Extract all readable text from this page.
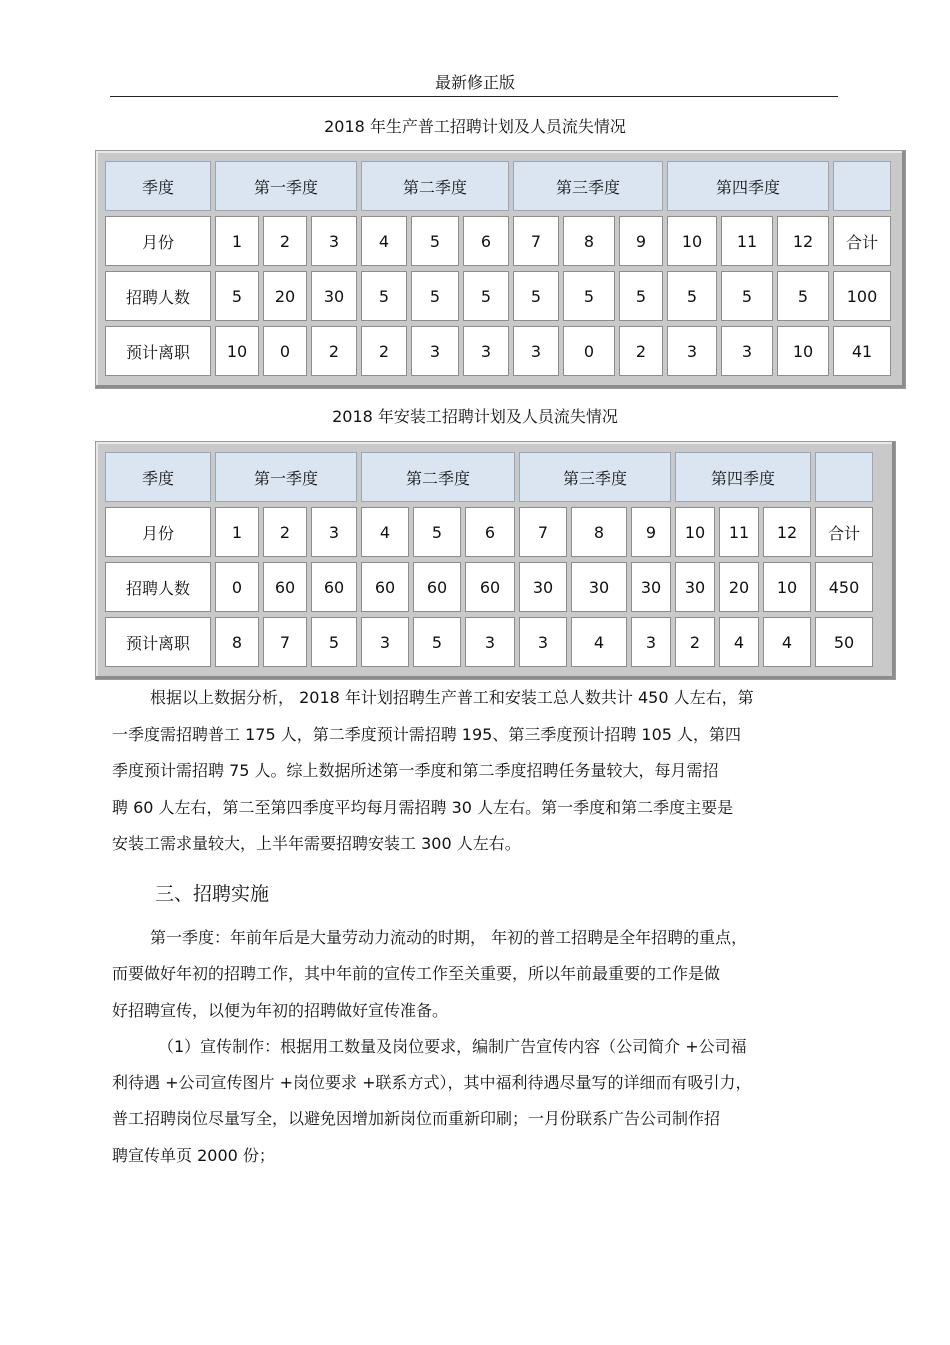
最新修正版
2018 年生产普工招聘计划及人员流失情况
季度	第一季度			第二季度			第三季度			第四季度			
月份	1	2	3	4	5	6	7	8	9	10	11	12	合计
招聘人数	5	20	30	5	5	5	5	5	5	5	5	5	100
预计离职	10	0	2	2	3	3	3	0	2	3	3	10	41
2018 年安装工招聘计划及人员流失情况
季度	第一季度			第二季度			第三季度			第四季度			
月份	1	2	3	4	5	6	7	8	9	10	11	12	合计
招聘人数	0	60	60	60	60	60	30	30	30	30	20	10	450
预计离职	8	7	5	3	5	3	3	4	3	2	4	4	50

根据以上数据分析， 2018 年计划招聘生产普工和安装工总人数共计 450 人左右，第

一季度需招聘普工 175 人，第二季度预计需招聘 195、第三季度预计招聘 105 人，第四

季度预计需招聘 75 人。综上数据所述第一季度和第二季度招聘任务量较大，每月需招

聘 60 人左右，第二至第四季度平均每月需招聘 30 人左右。第一季度和第二季度主要是

安装工需求量较大，上半年需要招聘安装工 300 人左右。

三、招聘实施

第一季度：年前年后是大量劳动力流动的时期， 年初的普工招聘是全年招聘的重点，

而要做好年初的招聘工作，其中年前的宣传工作至关重要，所以年前最重要的工作是做

好招聘宣传，以便为年初的招聘做好宣传准备。

（1）宣传制作：根据用工数量及岗位要求，编制广告宣传内容（公司简介 +公司福

利待遇 +公司宣传图片 +岗位要求 +联系方式），其中福利待遇尽量写的详细而有吸引力，

普工招聘岗位尽量写全，以避免因增加新岗位而重新印刷；一月份联系广告公司制作招

聘宣传单页 2000 份；
